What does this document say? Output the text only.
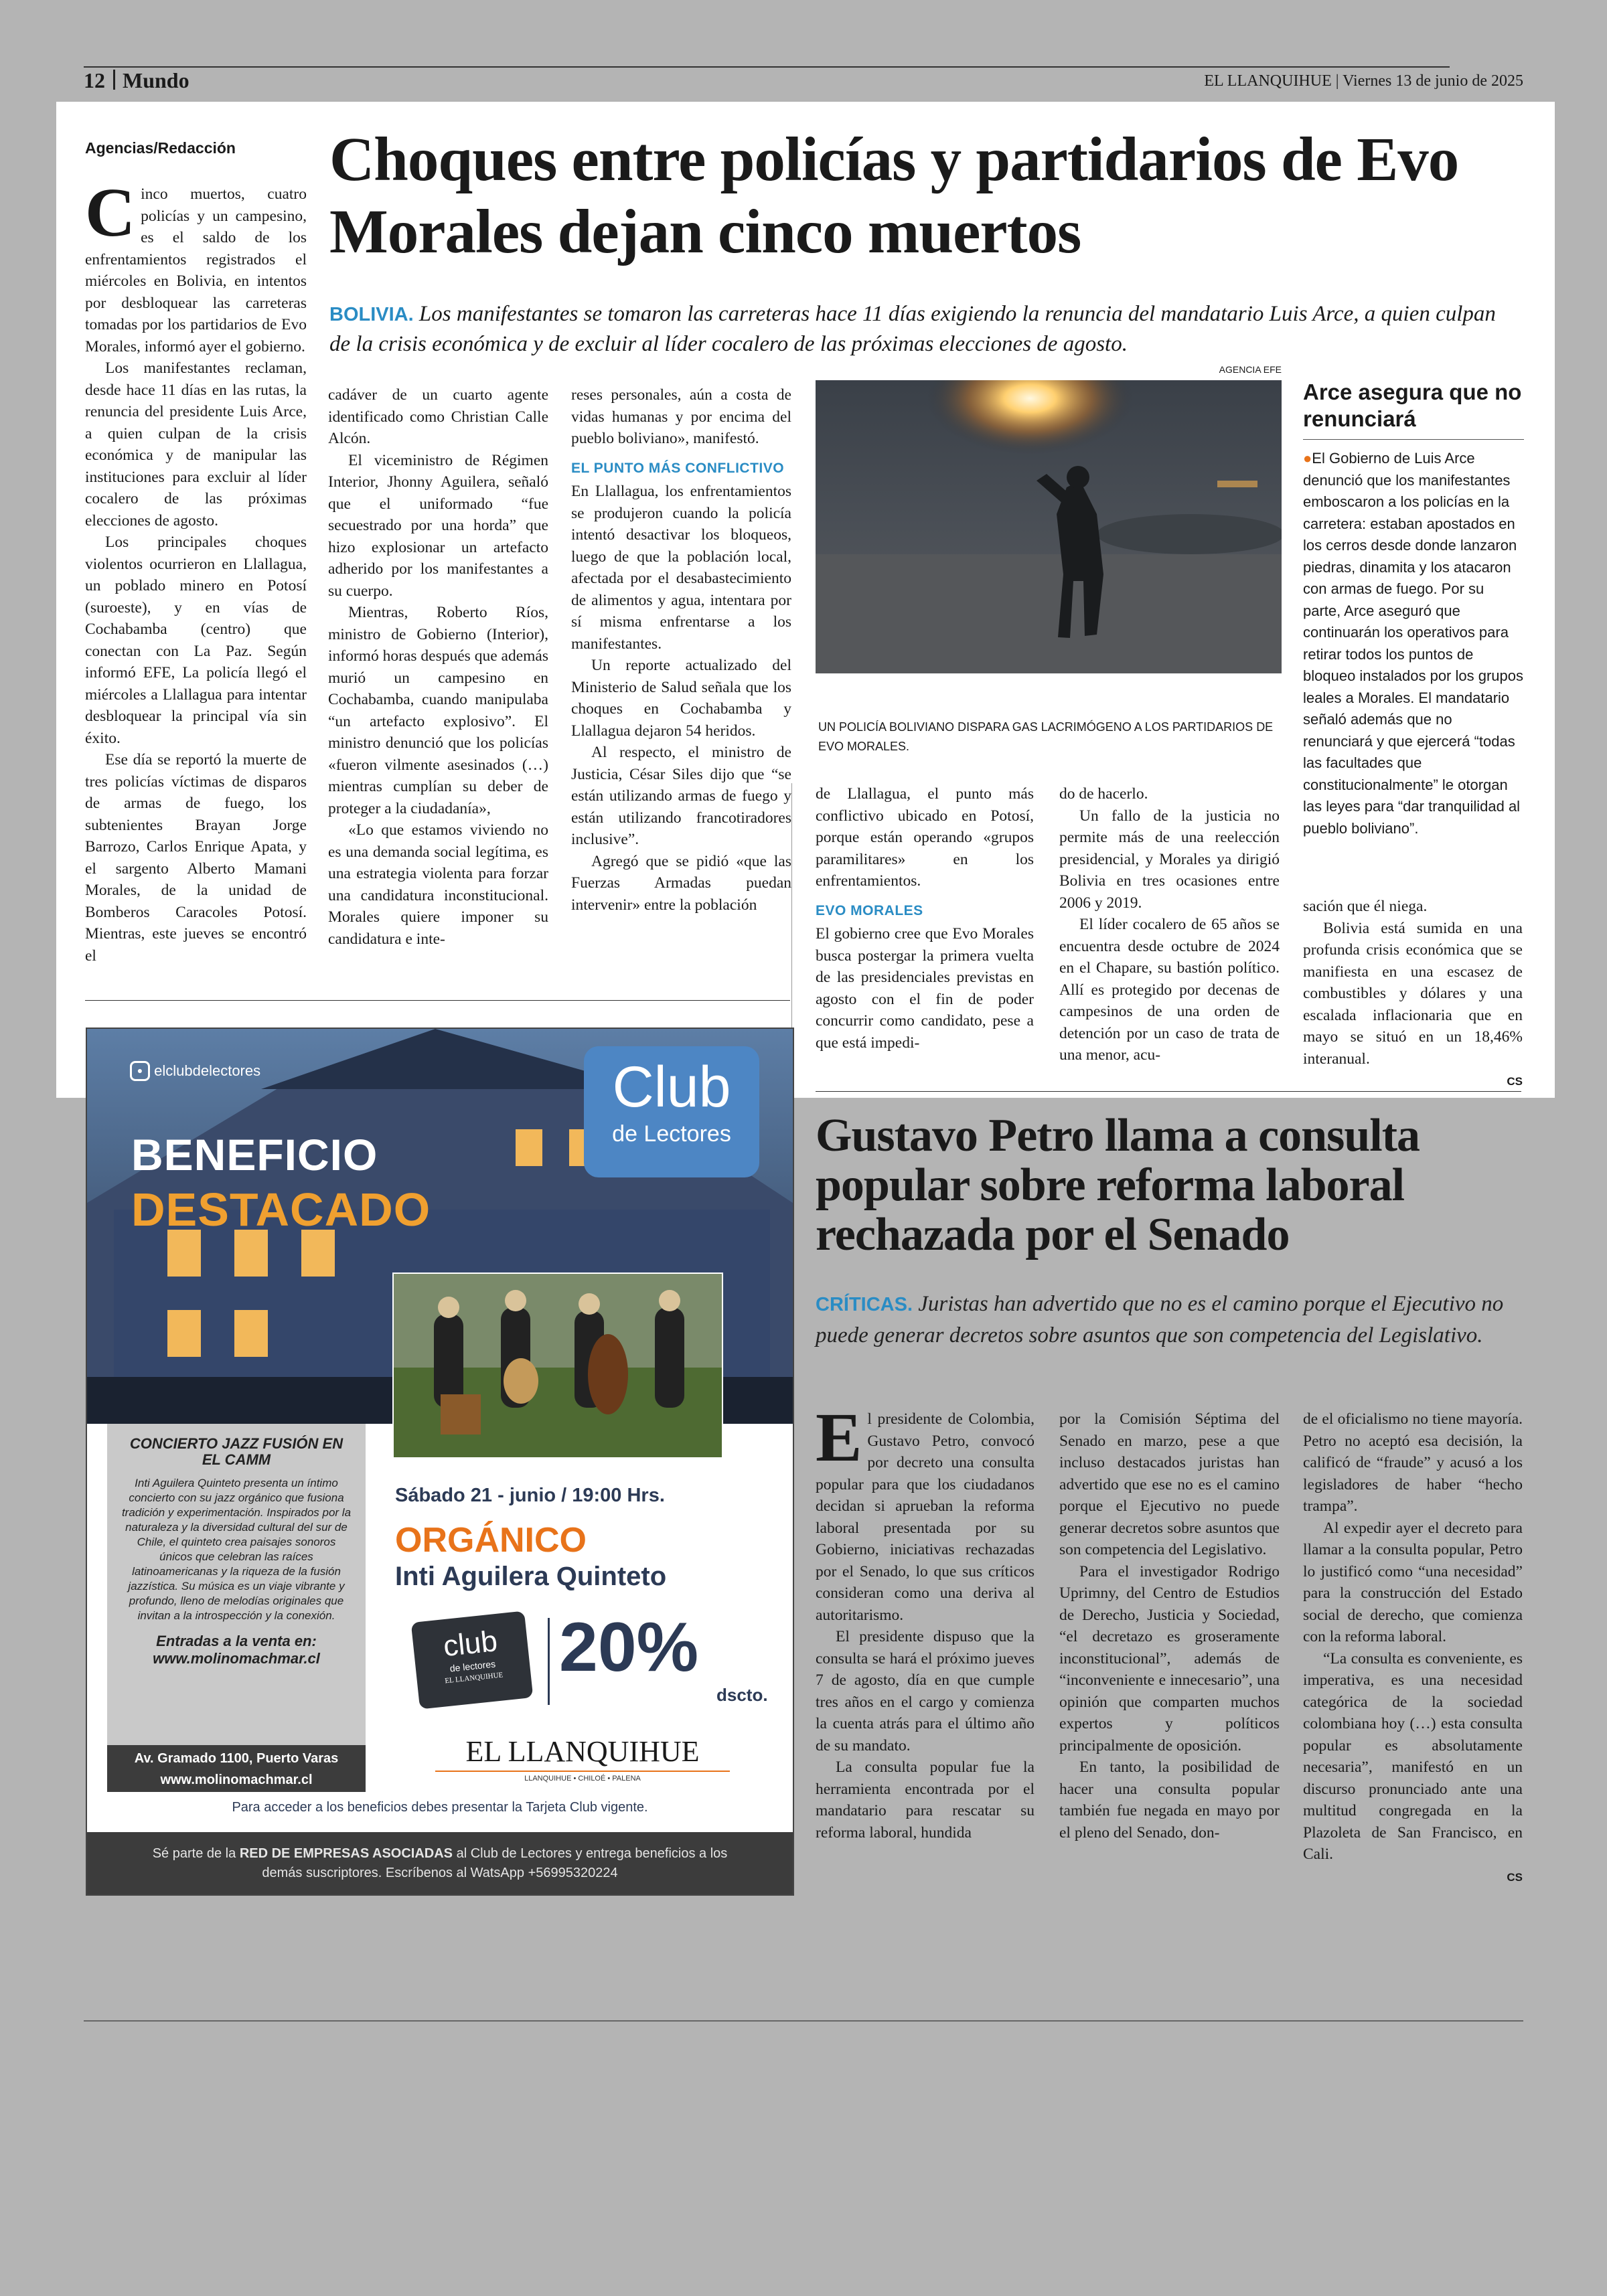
12 Mundo	EL LLANQUIHUE | Viernes 13 de junio de 2025
Agencias/Redacción Choques entre policías y partidarios de Evo Morales dejan cinco muertos
BOLIVIA. Los manifestantes se tomaron las carreteras hace 11 días exigiendo la renuncia del mandatario Luis Arce, a quien culpan de la crisis económica y de excluir al líder cocalero de las próximas elecciones de agosto.

Cinco muertos, cuatro policías y un campesino, es el saldo de los enfrentamientos registrados el miércoles en Bolivia, en intentos por desbloquear las carreteras tomadas por los partidarios de Evo Morales, informó ayer el gobierno.

Los manifestantes reclaman, desde hace 11 días en las rutas, la renuncia del presidente Luis Arce, a quien culpan de la crisis económica y de manipular las instituciones para excluir al líder cocalero de las próximas elecciones de agosto.

Los principales choques violentos ocurrieron en Llallagua, un poblado minero en Potosí (suroeste), y en vías de Cochabamba (centro) que conectan con La Paz. Según informó EFE, La policía llegó el miércoles a Llallagua para intentar desbloquear la principal vía sin éxito.

Ese día se reportó la muerte de tres policías víctimas de disparos de armas de fuego, los subtenientes Brayan Jorge Barrozo, Carlos Enrique Apata, y el sargento Alberto Mamani Morales, de la unidad de Bomberos Caracoles Potosí. Mientras, este jueves se encontró el

cadáver de un cuarto agente identificado como Christian Calle Alcón.

El viceministro de Régimen Interior, Jhonny Aguilera, señaló que el uniformado “fue secuestrado por una horda” que hizo explosionar un artefacto adherido por los manifestantes a su cuerpo.

Mientras, Roberto Ríos, ministro de Gobierno (Interior), informó horas después que además murió un campesino en Cochabamba, cuando manipulaba “un artefacto explosivo”. El ministro denunció que los policías «fueron vilmente asesinados (…) mientras cumplían su deber de proteger a la ciudadanía»,

«Lo que estamos viviendo no es una demanda social legítima, es una estrategia violenta para forzar una candidatura inconstitucional. Morales quiere imponer su candidatura e inte-

reses personales, aún a costa de vidas humanas y por encima del pueblo boliviano», manifestó.

EL PUNTO MÁS CONFLICTIVO

En Llallagua, los enfrentamientos se produjeron cuando la policía intentó desactivar los bloqueos, luego de que la población local, afectada por el desabastecimiento de alimentos y agua, intentara por sí misma enfrentarse a los manifestantes.

Un reporte actualizado del Ministerio de Salud señala que los choques en Cochabamba y Llallagua dejaron 54 heridos.

Al respecto, el ministro de Justicia, César Siles dijo que “se están utilizando armas de fuego y están utilizando francotiradores inclusive”.

Agregó que se pidió «que las Fuerzas Armadas puedan intervenir» entre la población

AGENCIA EFE
UN POLICÍA BOLIVIANO DISPARA GAS LACRIMÓGENO A LOS PARTIDARIOS DE EVO MORALES.

de Llallagua, el punto más conflictivo ubicado en Potosí, porque están operando «grupos paramilitares» en los enfrentamientos.

EVO MORALES

El gobierno cree que Evo Morales busca postergar la primera vuelta de las presidenciales previstas en agosto con el fin de poder concurrir como candidato, pese a que está impedi-

do de hacerlo.

Un fallo de la justicia no permite más de una reelección presidencial, y Morales ya dirigió Bolivia en tres ocasiones entre 2006 y 2019.

El líder cocalero de 65 años se encuentra desde octubre de 2024 en el Chapare, su bastión político. Allí es protegido por decenas de campesinos de una orden de detención por un caso de trata de una menor, acu-

Arce asegura que no renunciará
●El Gobierno de Luis Arce denunció que los manifestantes emboscaron a los policías en la carretera: estaban apostados en los cerros desde donde lanzaron piedras, dinamita y los atacaron con armas de fuego. Por su parte, Arce aseguró que continuarán los operativos para retirar todos los puntos de bloqueo instalados por los grupos leales a Morales. El mandatario señaló además que no renunciará y que ejercerá “todas las facultades que constitucionalmente” le otorgan las leyes para “dar tranquilidad al pueblo boliviano”.

sación que él niega.

Bolivia está sumida en una profunda crisis económica que se manifiesta en una escasez de combustibles y dólares y una escalada inflacionaria que en mayo se situó en un 18,46% interanual.

CS
● elclubdelectores	Club
de Lectores
BENEFICIO
DESTACADO
CONCIERTO JAZZ FUSIÓN EN EL CAMM
Inti Aguilera Quinteto presenta un íntimo concierto con su jazz orgánico que fusiona tradición y experimentación. Inspirados por la naturaleza y la diversidad cultural del sur de Chile, el quinteto crea paisajes sonoros únicos que celebran las raíces latinoamericanas y la riqueza de la fusión jazzística. Su música es un viaje vibrante y profundo, lleno de melodías originales que invitan a la introspección y la conexión.
Entradas a la venta en:
www.molinomachmar.cl
Av. Gramado 1100, Puerto Varas
www.molinomachmar.cl
Sábado 21 - junio / 19:00 Hrs.
ORGÁNICO
Inti Aguilera Quinteto
club
de lectores
EL LLANQUIHUE 20%
dscto.
EL LLANQUIHUE
LLANQUIHUE • CHILOÉ • PALENA
Para acceder a los beneficios debes presentar la Tarjeta Club vigente.
Sé parte de la RED DE EMPRESAS ASOCIADAS al Club de Lectores y entrega beneficios a los demás suscriptores. Escríbenos al WatsApp +56995320224
Gustavo Petro llama a consulta popular sobre reforma laboral rechazada por el Senado
CRÍTICAS. Juristas han advertido que no es el camino porque el Ejecutivo no puede generar decretos sobre asuntos que son competencia del Legislativo.

El presidente de Colombia, Gustavo Petro, convocó por decreto una consulta popular para que los ciudadanos decidan si aprueban la reforma laboral presentada por su Gobierno, iniciativas rechazadas por el Senado, lo que sus críticos consideran como una deriva al autoritarismo.

El presidente dispuso que la consulta se hará el próximo jueves 7 de agosto, día en que cumple tres años en el cargo y comienza la cuenta atrás para el último año de su mandato.

La consulta popular fue la herramienta encontrada por el mandatario para rescatar su reforma laboral, hundida

por la Comisión Séptima del Senado en marzo, pese a que incluso destacados juristas han advertido que ese no es el camino porque el Ejecutivo no puede generar decretos sobre asuntos que son competencia del Legislativo.

Para el investigador Rodrigo Uprimny, del Centro de Estudios de Derecho, Justicia y Sociedad, “el decretazo es groseramente inconstitucional”, además de “inconveniente e innecesario”, una opinión que comparten muchos expertos y políticos principalmente de oposición.

En tanto, la posibilidad de hacer una consulta popular también fue negada en mayo por el pleno del Senado, don-

de el oficialismo no tiene mayoría. Petro no aceptó esa decisión, la calificó de “fraude” y acusó a los legisladores de haber “hecho trampa”.

Al expedir ayer el decreto para llamar a la consulta popular, Petro lo justificó como “una necesidad” para la construcción del Estado social de derecho, que comienza con la reforma laboral.

“La consulta es conveniente, es imperativa, es una necesidad categórica de la sociedad colombiana hoy (…) esta consulta popular es absolutamente necesaria”, manifestó en un discurso pronunciado ante una multitud congregada en la Plazoleta de San Francisco, en Cali.

CS
